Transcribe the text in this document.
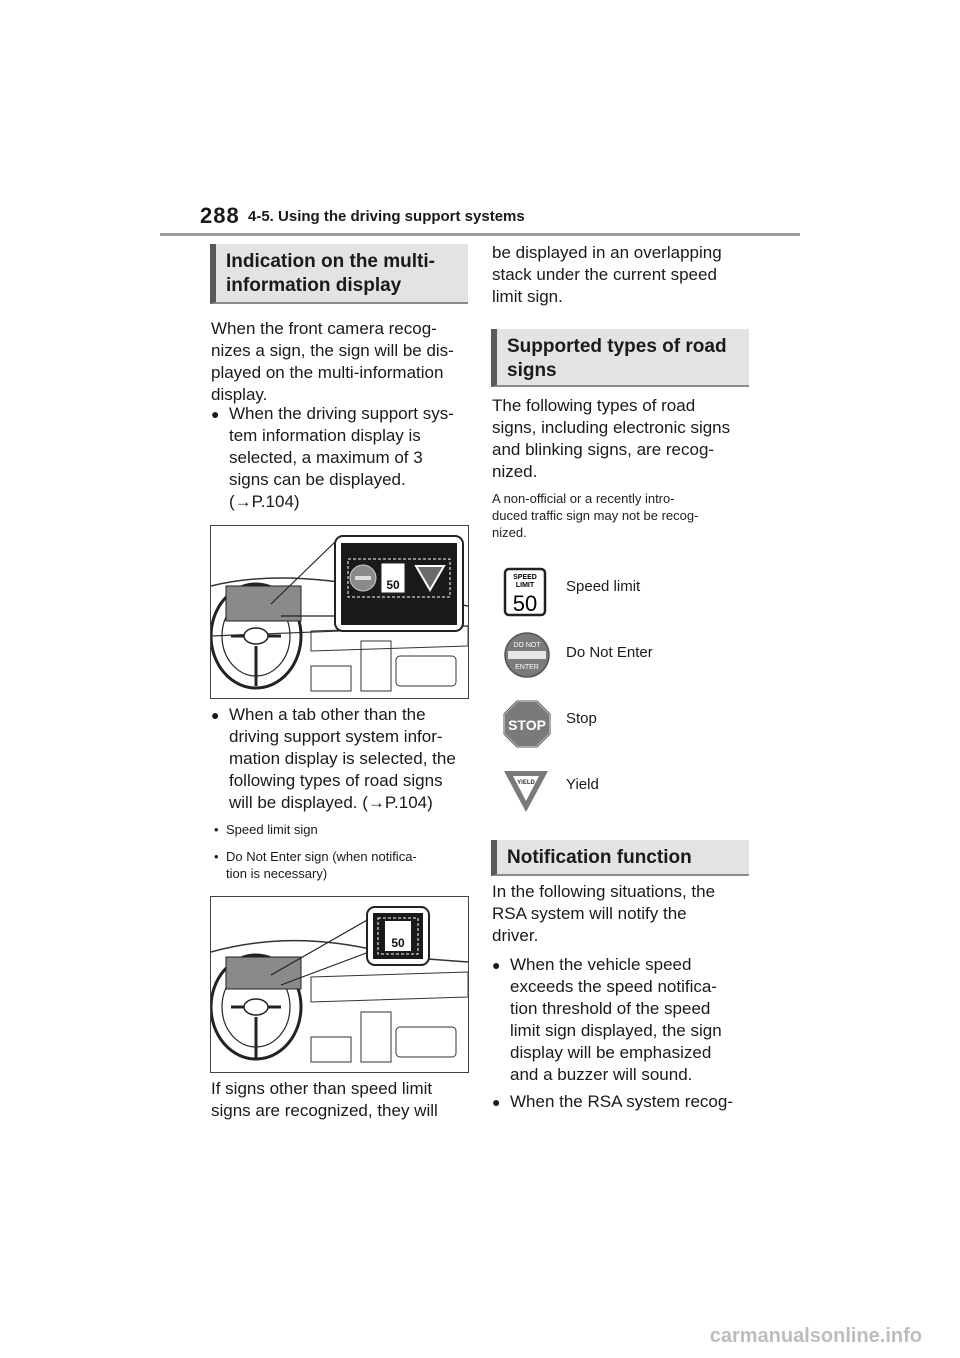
288 4-5. Using the driving support systems
Indication on the multi-
information display
When the front camera recog-
nizes a sign, the sign will be dis-
played on the multi-information
display.
● When the driving support sys-
tem information display is
selected, a maximum of 3
signs can be displayed.
(→P.104)
50
● When a tab other than the
driving support system infor-
mation display is selected, the
following types of road signs
will be displayed. (→P.104)
• Speed limit sign
• Do Not Enter sign (when notifica-
tion is necessary)
50
If signs other than speed limit
signs are recognized, they will
be displayed in an overlapping
stack under the current speed
limit sign.
Supported types of road
signs
The following types of road
signs, including electronic signs
and blinking signs, are recog-
nized.
A non-official or a recently intro-
duced traffic sign may not be recog-
nized.
SPEED
LIMIT
50
Speed limit
DO NOT
ENTER
Do Not Enter
STOP Stop
YIELD Yield
Notification function
In the following situations, the
RSA system will notify the
driver.
● When the vehicle speed
exceeds the speed notifica-
tion threshold of the speed
limit sign displayed, the sign
display will be emphasized
and a buzzer will sound.
● When the RSA system recog-
carmanualsonline.info
